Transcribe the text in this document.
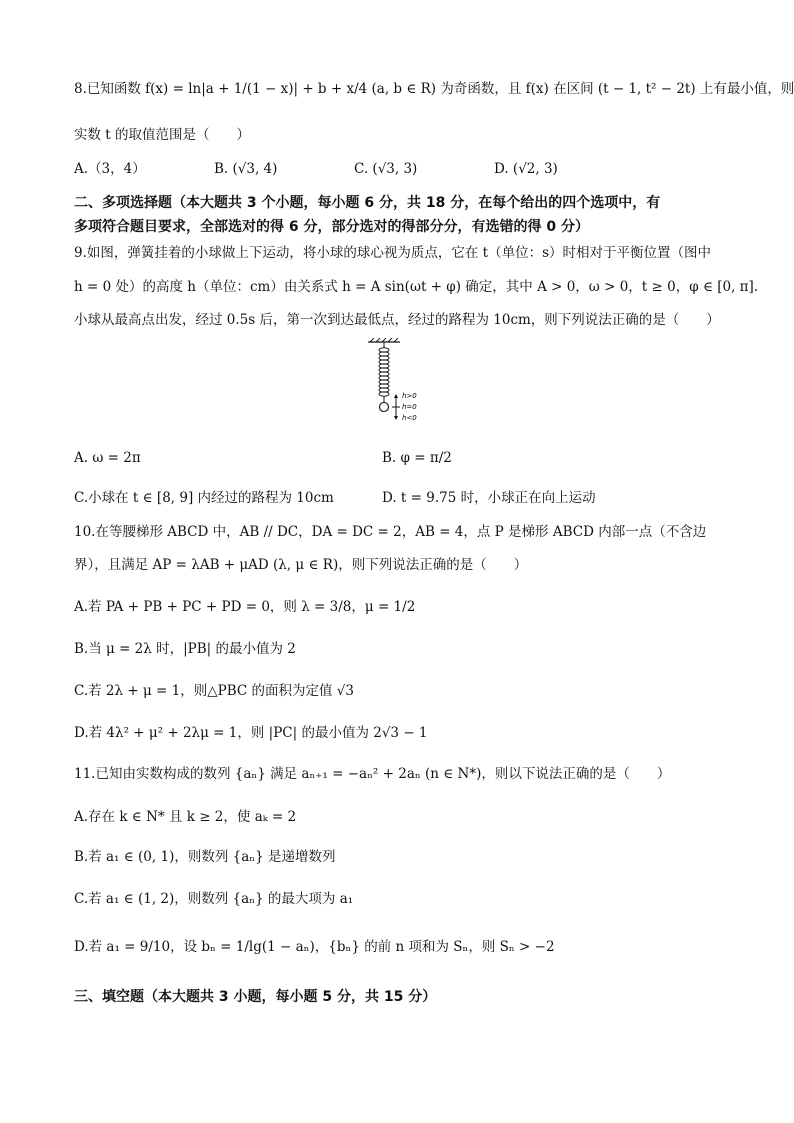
8.已知函数 f(x) = ln|a + 1/(1 − x)| + b + x/4 (a, b ∈ R) 为奇函数，且 f(x) 在区间 (t − 1, t² − 2t) 上有最小值，则
实数 t 的取值范围是（　　）
A.（3，4）	B. (√3, 4)	C. (√3, 3)	D. (√2, 3)
二、多项选择题（本大题共 3 个小题，每小题 6 分，共 18 分，在每个给出的四个选项中，有
多项符合题目要求，全部选对的得 6 分，部分选对的得部分分，有选错的得 0 分）
9.如图，弹簧挂着的小球做上下运动，将小球的球心视为质点，它在 t（单位：s）时相对于平衡位置（图中
h = 0 处）的高度 h（单位：cm）由关系式 h = A sin(ωt + φ) 确定，其中 A > 0，ω > 0，t ≥ 0，φ ∈ [0, π].
小球从最高点出发，经过 0.5s 后，第一次到达最低点，经过的路程为 10cm，则下列说法正确的是（　　）
h>0
h=0
h<0
A. ω = 2π	B. φ = π/2
C.小球在 t ∈ [8, 9] 内经过的路程为 10cm	D. t = 9.75 时，小球正在向上运动
10.在等腰梯形 ABCD 中，AB // DC，DA = DC = 2，AB = 4，点 P 是梯形 ABCD 内部一点（不含边
界），且满足 AP = λAB + μAD (λ, μ ∈ R)，则下列说法正确的是（　　）
A.若 PA + PB + PC + PD = 0，则 λ = 3/8，μ = 1/2
B.当 μ = 2λ 时，|PB| 的最小值为 2
C.若 2λ + μ = 1，则△PBC 的面积为定值 √3
D.若 4λ² + μ² + 2λμ = 1，则 |PC| 的最小值为 2√3 − 1
11.已知由实数构成的数列 {aₙ} 满足 aₙ₊₁ = −aₙ² + 2aₙ (n ∈ N*)，则以下说法正确的是（　　）
A.存在 k ∈ N* 且 k ≥ 2，使 aₖ = 2
B.若 a₁ ∈ (0, 1)，则数列 {aₙ} 是递增数列
C.若 a₁ ∈ (1, 2)，则数列 {aₙ} 的最大项为 a₁
D.若 a₁ = 9/10，设 bₙ = 1/lg(1 − aₙ)，{bₙ} 的前 n 项和为 Sₙ，则 Sₙ > −2
三、填空题（本大题共 3 小题，每小题 5 分，共 15 分）
